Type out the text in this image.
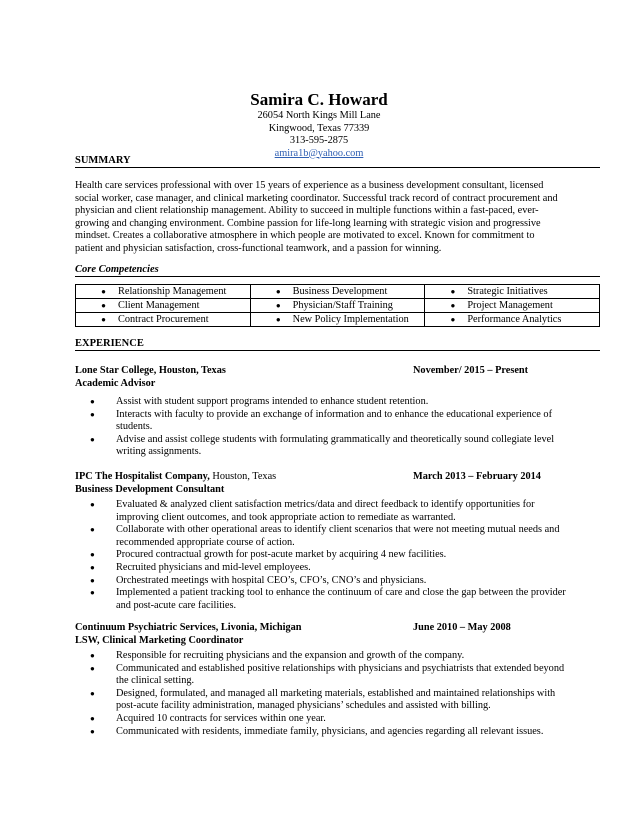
Samira C. Howard
26054 North Kings Mill Lane
Kingwood, Texas 77339
313-595-2875
amira1b@yahoo.com
SUMMARY
Health care services professional with over 15 years of experience as a business development consultant, licensed social worker, case manager, and clinical marketing coordinator. Successful track record of contract procurement and physician and client relationship management. Ability to succeed in multiple functions within a fast-paced, ever-growing and changing environment. Combine passion for life-long learning with strategic vision and progressive mindset. Creates a collaborative atmosphere in which people are motivated to excel. Known for commitment to patient and physician satisfaction, cross-functional teamwork, and a passion for winning.
Core Competencies
● Relationship Management	● Business Development	● Strategic Initiatives

● Client Management	● Physician/Staff Training	● Project Management

● Contract Procurement	● New Policy Implementation	● Performance Analytics
EXPERIENCE
Lone Star College, Houston, Texas	November/ 2015 – Present
Academic Advisor
● Assist with student support programs intended to enhance student retention.
● Interacts with faculty to provide an exchange of information and to enhance the educational experience of students.
● Advise and assist college students with formulating grammatically and theoretically sound collegiate level writing assignments.
IPC The Hospitalist Company, Houston, Texas	March 2013 – February 2014
Business Development Consultant
● Evaluated & analyzed client satisfaction metrics/data and direct feedback to identify opportunities for improving client outcomes, and took appropriate action to remediate as warranted.
● Collaborate with other operational areas to identify client scenarios that were not meeting mutual needs and recommended appropriate course of action.
● Procured contractual growth for post-acute market by acquiring 4 new facilities.
● Recruited physicians and mid-level employees.
● Orchestrated meetings with hospital CEO’s, CFO’s, CNO’s and physicians.
● Implemented a patient tracking tool to enhance the continuum of care and close the gap between the provider and post-acute care facilities.
Continuum Psychiatric Services, Livonia, Michigan	June 2010 – May 2008
LSW, Clinical Marketing Coordinator
● Responsible for recruiting physicians and the expansion and growth of the company.
● Communicated and established positive relationships with physicians and psychiatrists that extended beyond the clinical setting.
● Designed, formulated, and managed all marketing materials, established and maintained relationships with post-acute facility administration, managed physicians’ schedules and assisted with billing.
● Acquired 10 contracts for services within one year.
● Communicated with residents, immediate family, physicians, and agencies regarding all relevant issues.
